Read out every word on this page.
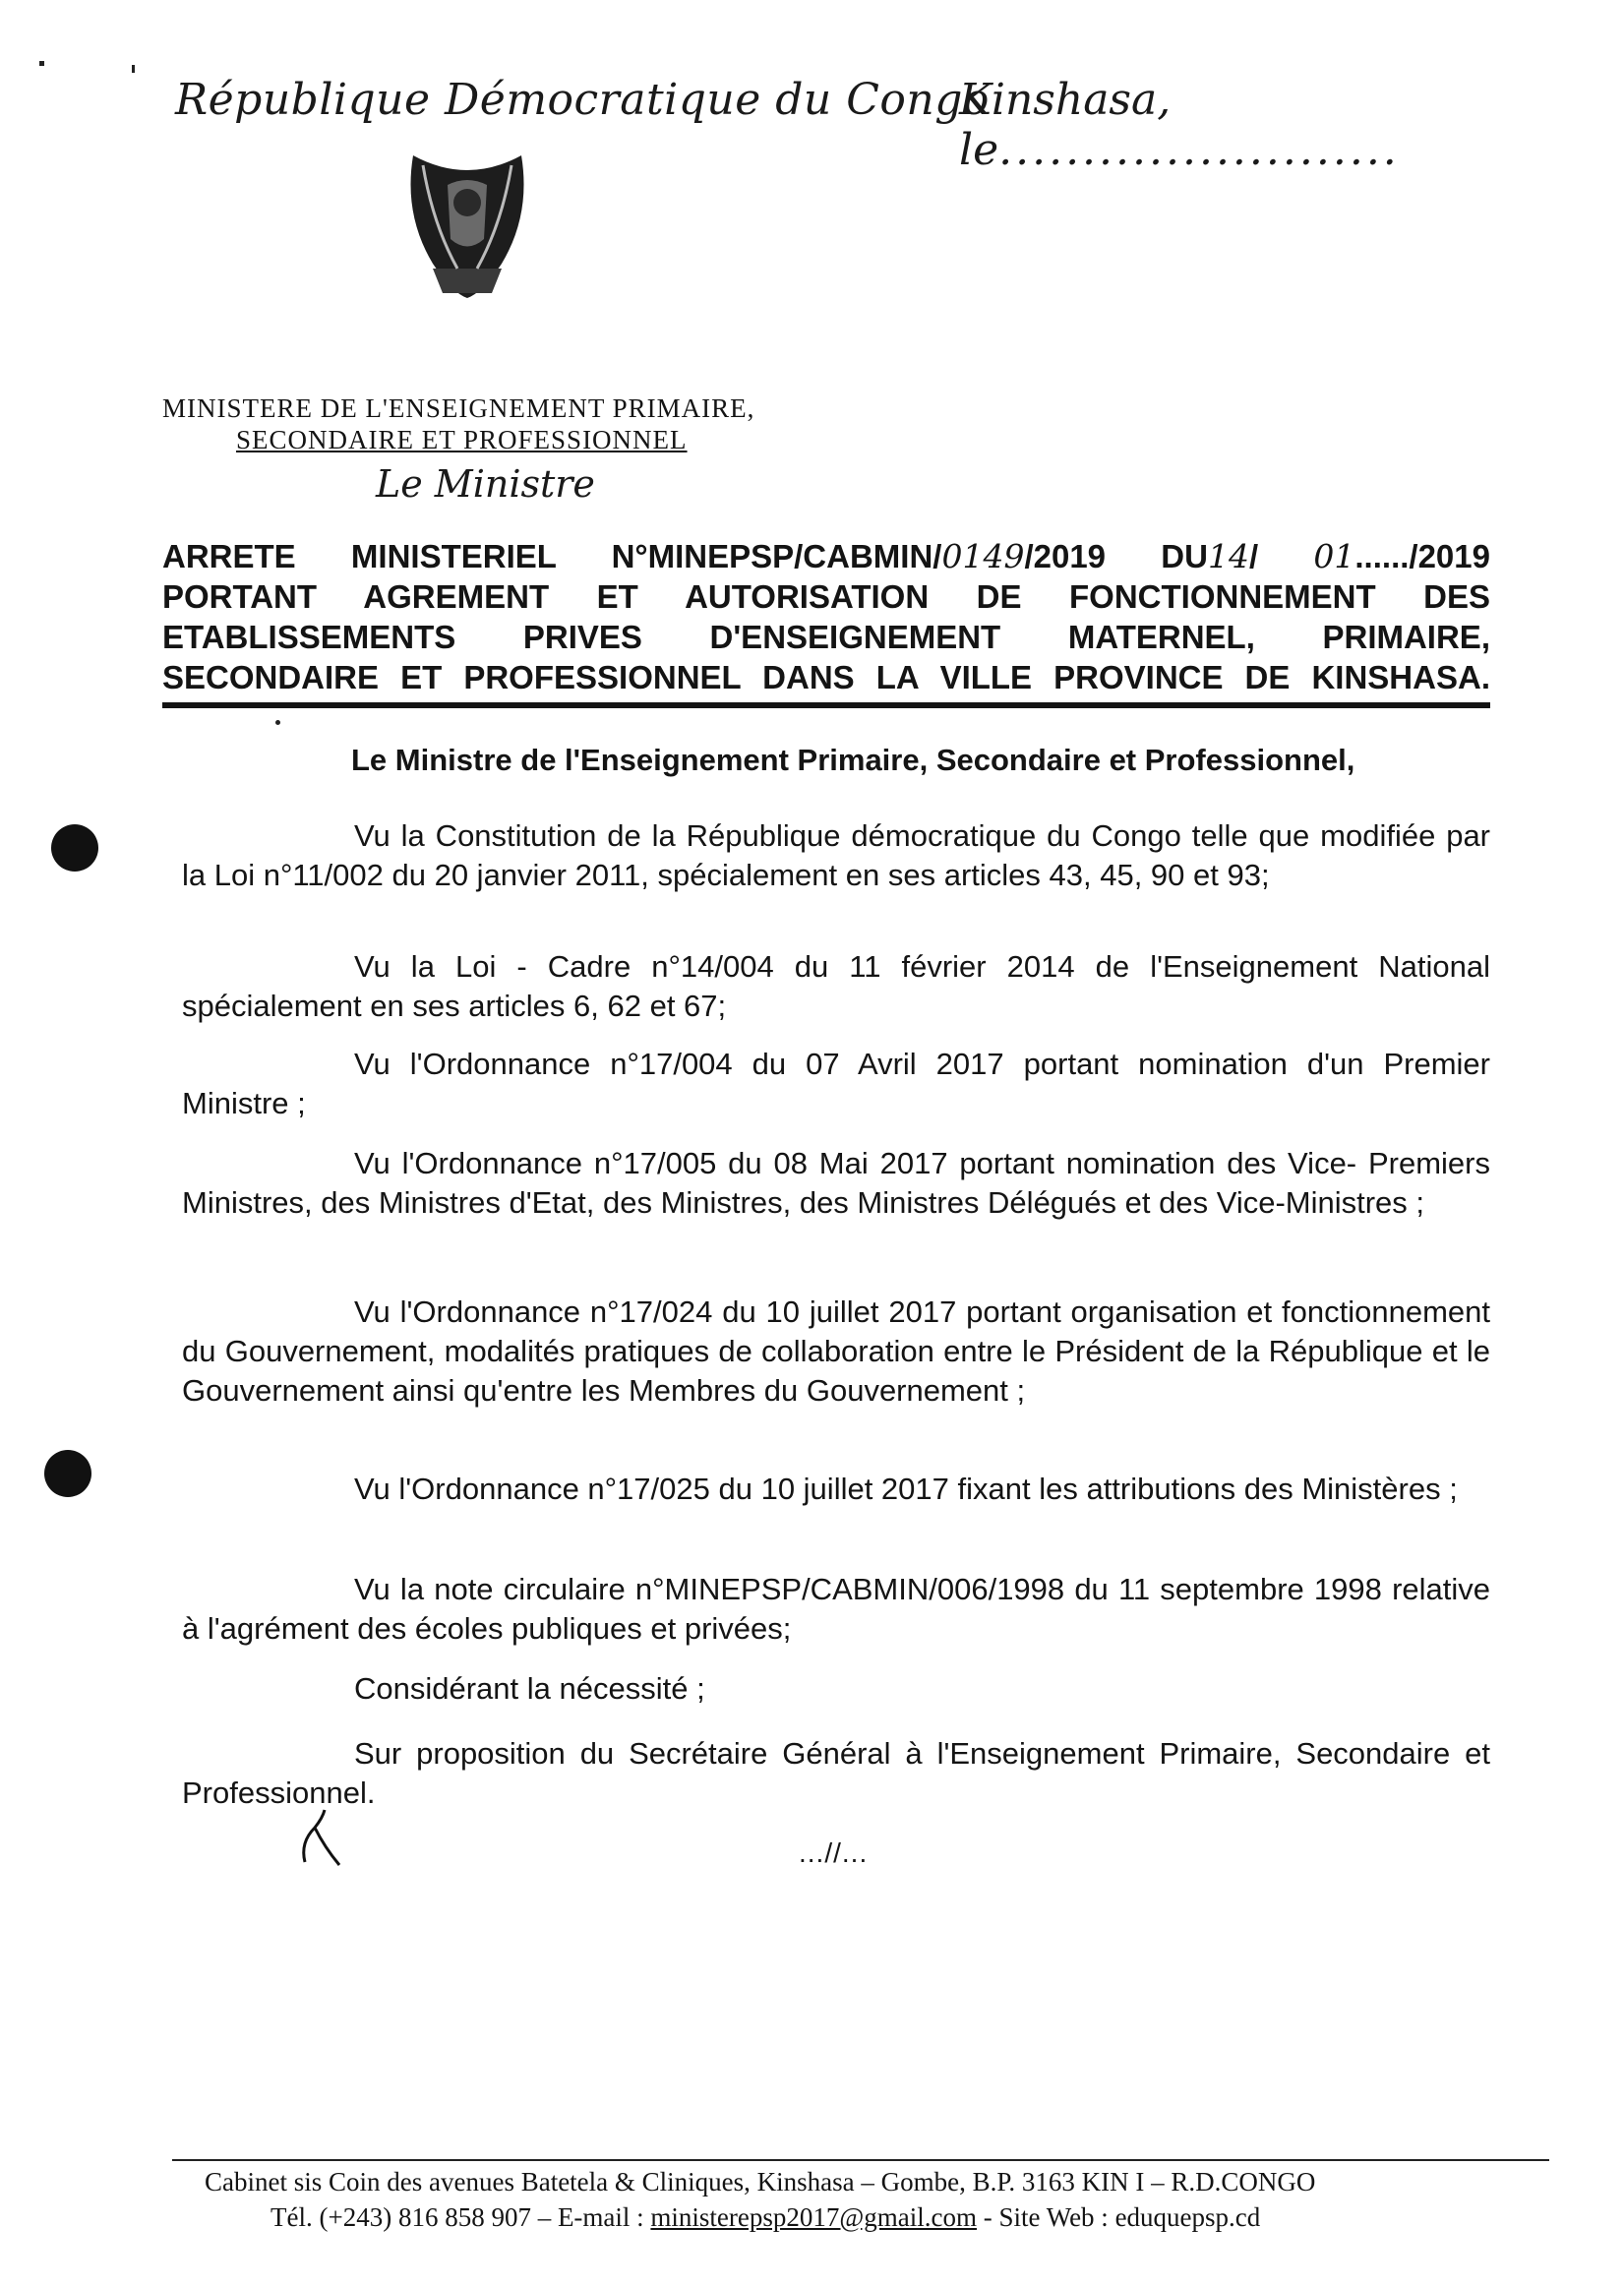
République Démocratique du Congo
Kinshasa, le........................
MINISTERE DE L'ENSEIGNEMENT PRIMAIRE,
SECONDAIRE ET PROFESSIONNEL
Le Ministre
ARRETE MINISTERIEL N°MINEPSP/CABMIN/0149/2019 DU14/ 01....../2019
PORTANT AGREMENT ET AUTORISATION DE FONCTIONNEMENT DES
ETABLISSEMENTS PRIVES D'ENSEIGNEMENT MATERNEL, PRIMAIRE,
SECONDAIRE ET PROFESSIONNEL DANS LA VILLE PROVINCE DE KINSHASA.
Le Ministre de l'Enseignement Primaire, Secondaire et Professionnel,
Vu la Constitution de la République démocratique du Congo telle que modifiée par la Loi n°11/002 du 20 janvier 2011, spécialement en ses articles 43, 45, 90 et 93;
Vu la Loi - Cadre n°14/004 du 11 février 2014 de l'Enseignement National spécialement en ses articles 6, 62 et 67;
Vu l'Ordonnance n°17/004 du 07 Avril 2017 portant nomination d'un Premier Ministre ;
Vu l'Ordonnance n°17/005 du 08 Mai 2017 portant nomination des Vice- Premiers Ministres, des Ministres d'Etat, des Ministres, des Ministres Délégués et des Vice-Ministres ;
Vu l'Ordonnance n°17/024 du 10 juillet 2017 portant organisation et fonctionnement du Gouvernement, modalités pratiques de collaboration entre le Président de la République et le Gouvernement ainsi qu'entre les Membres du Gouvernement ;
Vu l'Ordonnance n°17/025 du 10 juillet 2017 fixant les attributions des Ministères ;
Vu la note circulaire n°MINEPSP/CABMIN/006/1998 du 11 septembre 1998 relative à l'agrément des écoles publiques et privées;
Considérant la nécessité ;
Sur proposition du Secrétaire Général à l'Enseignement Primaire, Secondaire et Professionnel.
...//...
Cabinet sis Coin des avenues Batetela & Cliniques, Kinshasa – Gombe, B.P. 3163 KIN I – R.D.CONGO
Tél. (+243) 816 858 907 – E-mail : ministerepsp2017@gmail.com - Site Web : eduquepsp.cd
